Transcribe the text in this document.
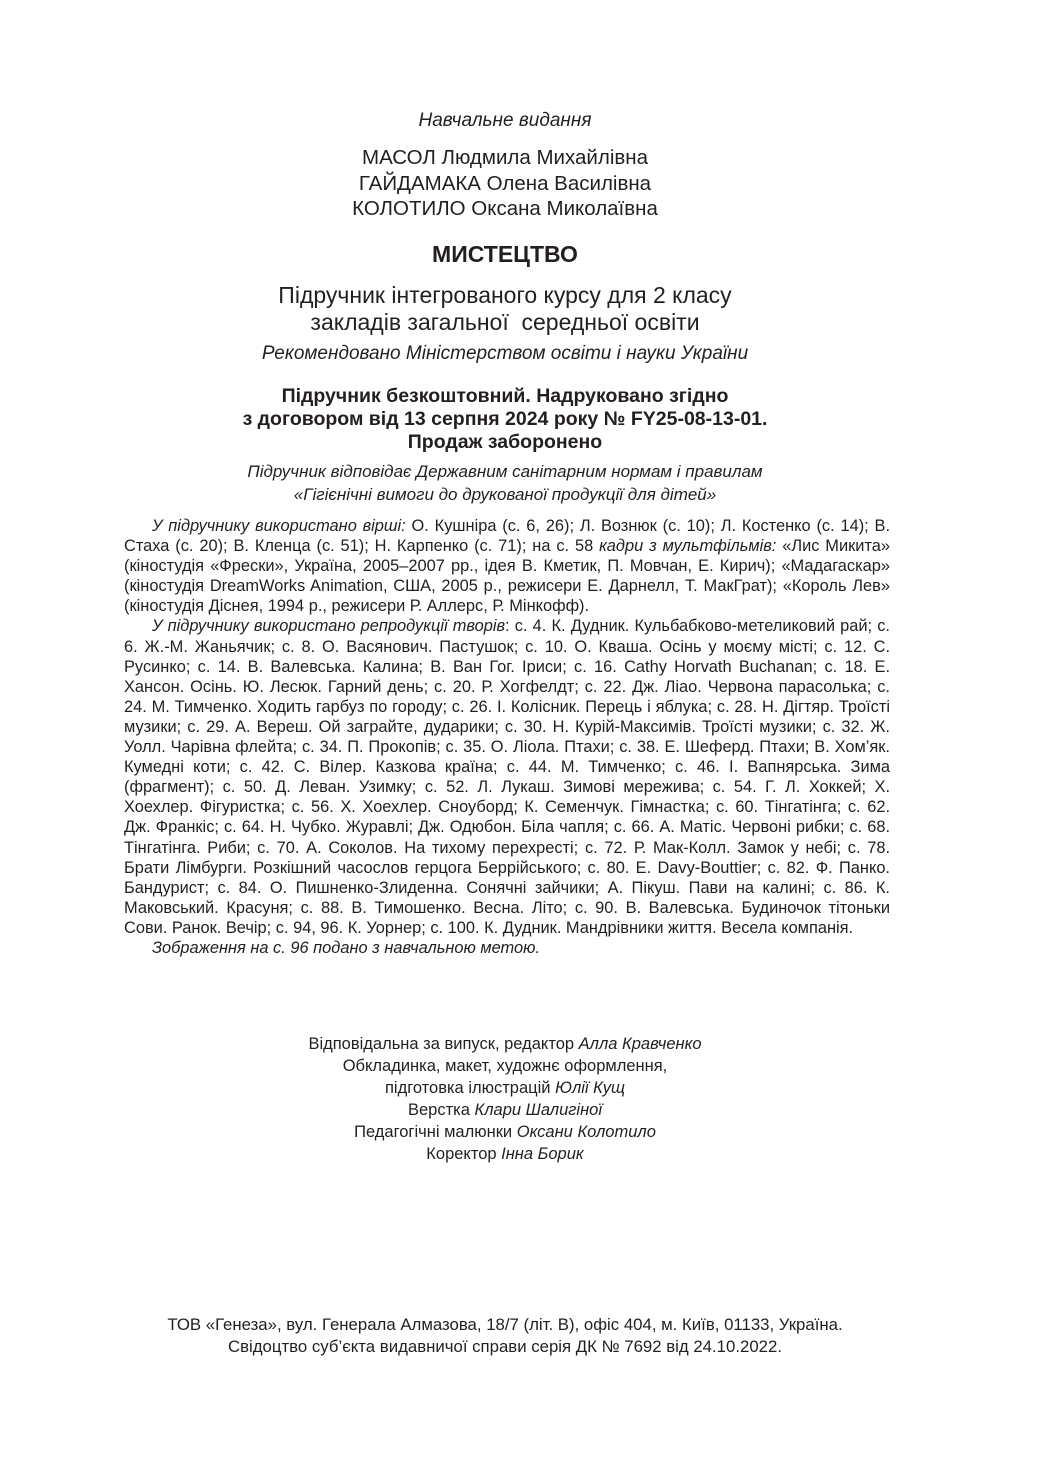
Навчальне видання
МАСОЛ Людмила Михайлівна
ГАЙДАМАКА Олена Василівна
КОЛОТИЛО Оксана Миколаївна
МИСТЕЦТВО
Підручник інтегрованого курсу для 2 класу
закладів загальної  середньої освіти
Рекомендовано Міністерством освіти і науки України
Підручник безкоштовний. Надруковано згідно
з договором від 13 серпня 2024 року № FY25-08-13-01.
Продаж заборонено
Підручник відповідає Державним санітарним нормам і правилам
«Гігієнічні вимоги до друкованої продукції для дітей»

У підручнику використано вірші: О. Кушніра (с. 6, 26); Л. Вознюк (с. 10); Л. Костенко (с. 14); В. Стаха (с. 20); В. Кленца (с. 51); Н. Карпенко (с. 71); на с. 58 кадри з мультфільмів: «Лис Микита» (кіностудія «Фрески», Україна, 2005–2007 рр., ідея В. Кметик, П. Мовчан, Е. Кирич); «Мадагаскар» (кіностудія DreamWorks Animation, США, 2005 р., режисери Е. Дарнелл, Т. МакГрат); «Король Лев» (кіностудія Діснея, 1994 р., режисери Р. Аллерс, Р. Мінкофф).

У підручнику використано репродукції творів: с. 4. К. Дудник. Кульбабково-метеликовий рай; с. 6. Ж.-М. Жаньячик; с. 8. О. Васянович. Пастушок; с. 10. О. Кваша. Осінь у моєму місті; с. 12. С. Русинко; с. 14. В. Валевська. Калина; В. Ван Гог. Іриси; с. 16. Cathy Horvath Buchanan; с. 18. Е. Хансон. Осінь. Ю. Лесюк. Гарний день; с. 20. Р. Хогфелдт; с. 22. Дж. Ліао. Червона парасолька; с. 24. М. Тимченко. Ходить гарбуз по городу; с. 26. І. Колісник. Перець і яблука; с. 28. Н. Дігтяр. Троїсті музики; с. 29. А. Вереш. Ой заграйте, дударики; с. 30. Н. Курій-Максимів. Троїсті музики; с. 32. Ж. Уолл. Чарівна флейта; с. 34. П. Прокопів; с. 35. О. Ліола. Птахи; с. 38. Е. Шеферд. Птахи; В. Хом’як. Кумедні коти; с. 42. С. Вілер. Казкова країна; с. 44. М. Тимченко; с. 46. І. Вапнярська. Зима (фрагмент); с. 50. Д. Леван. Узимку; с. 52. Л. Лукаш. Зимові мережива; с. 54. Г. Л. Хоккей; Х. Хоехлер. Фігуристка; с. 56. Х. Хоехлер. Сноуборд; К. Семенчук. Гімнастка; с. 60. Тінгатінга; с. 62. Дж. Франкіс; с. 64. Н. Чубко. Журавлі; Дж. Одюбон. Біла чапля; с. 66. А. Матіс. Червоні рибки; с. 68. Тінгатінга. Риби; с. 70. А. Соколов. На тихому перехресті; с. 72. Р. Мак-Колл. Замок у небі; с. 78. Брати Лімбурги. Розкішний часослов герцога Беррійського; с. 80. E. Davy-Bouttier; с. 82. Ф. Панко. Бандурист; с. 84. О. Пишненко-Злиденна. Сонячні зайчики; А. Пікуш. Пави на калині; с. 86. К. Маковський. Красуня; с. 88. В. Тимошенко. Весна. Літо; с. 90. В. Валевська. Будиночок тітоньки Сови. Ранок. Вечір; с. 94, 96. К. Уорнер; с. 100. К. Дудник. Мандрівники життя. Весела компанія.

Зображення на с. 96 подано з навчальною метою.

Відповідальна за випуск, редактор Алла Кравченко
Обкладинка, макет, художнє оформлення,
підготовка ілюстрацій Юлії Кущ
Верстка Клари Шалигіної
Педагогічні малюнки Оксани Колотило
Коректор Інна Борик
ТОВ «Генеза», вул. Генерала Алмазова, 18/7 (літ. В), офіс 404, м. Київ, 01133, Україна.
Свідоцтво суб’єкта видавничої справи серія ДК № 7692 від 24.10.2022.
